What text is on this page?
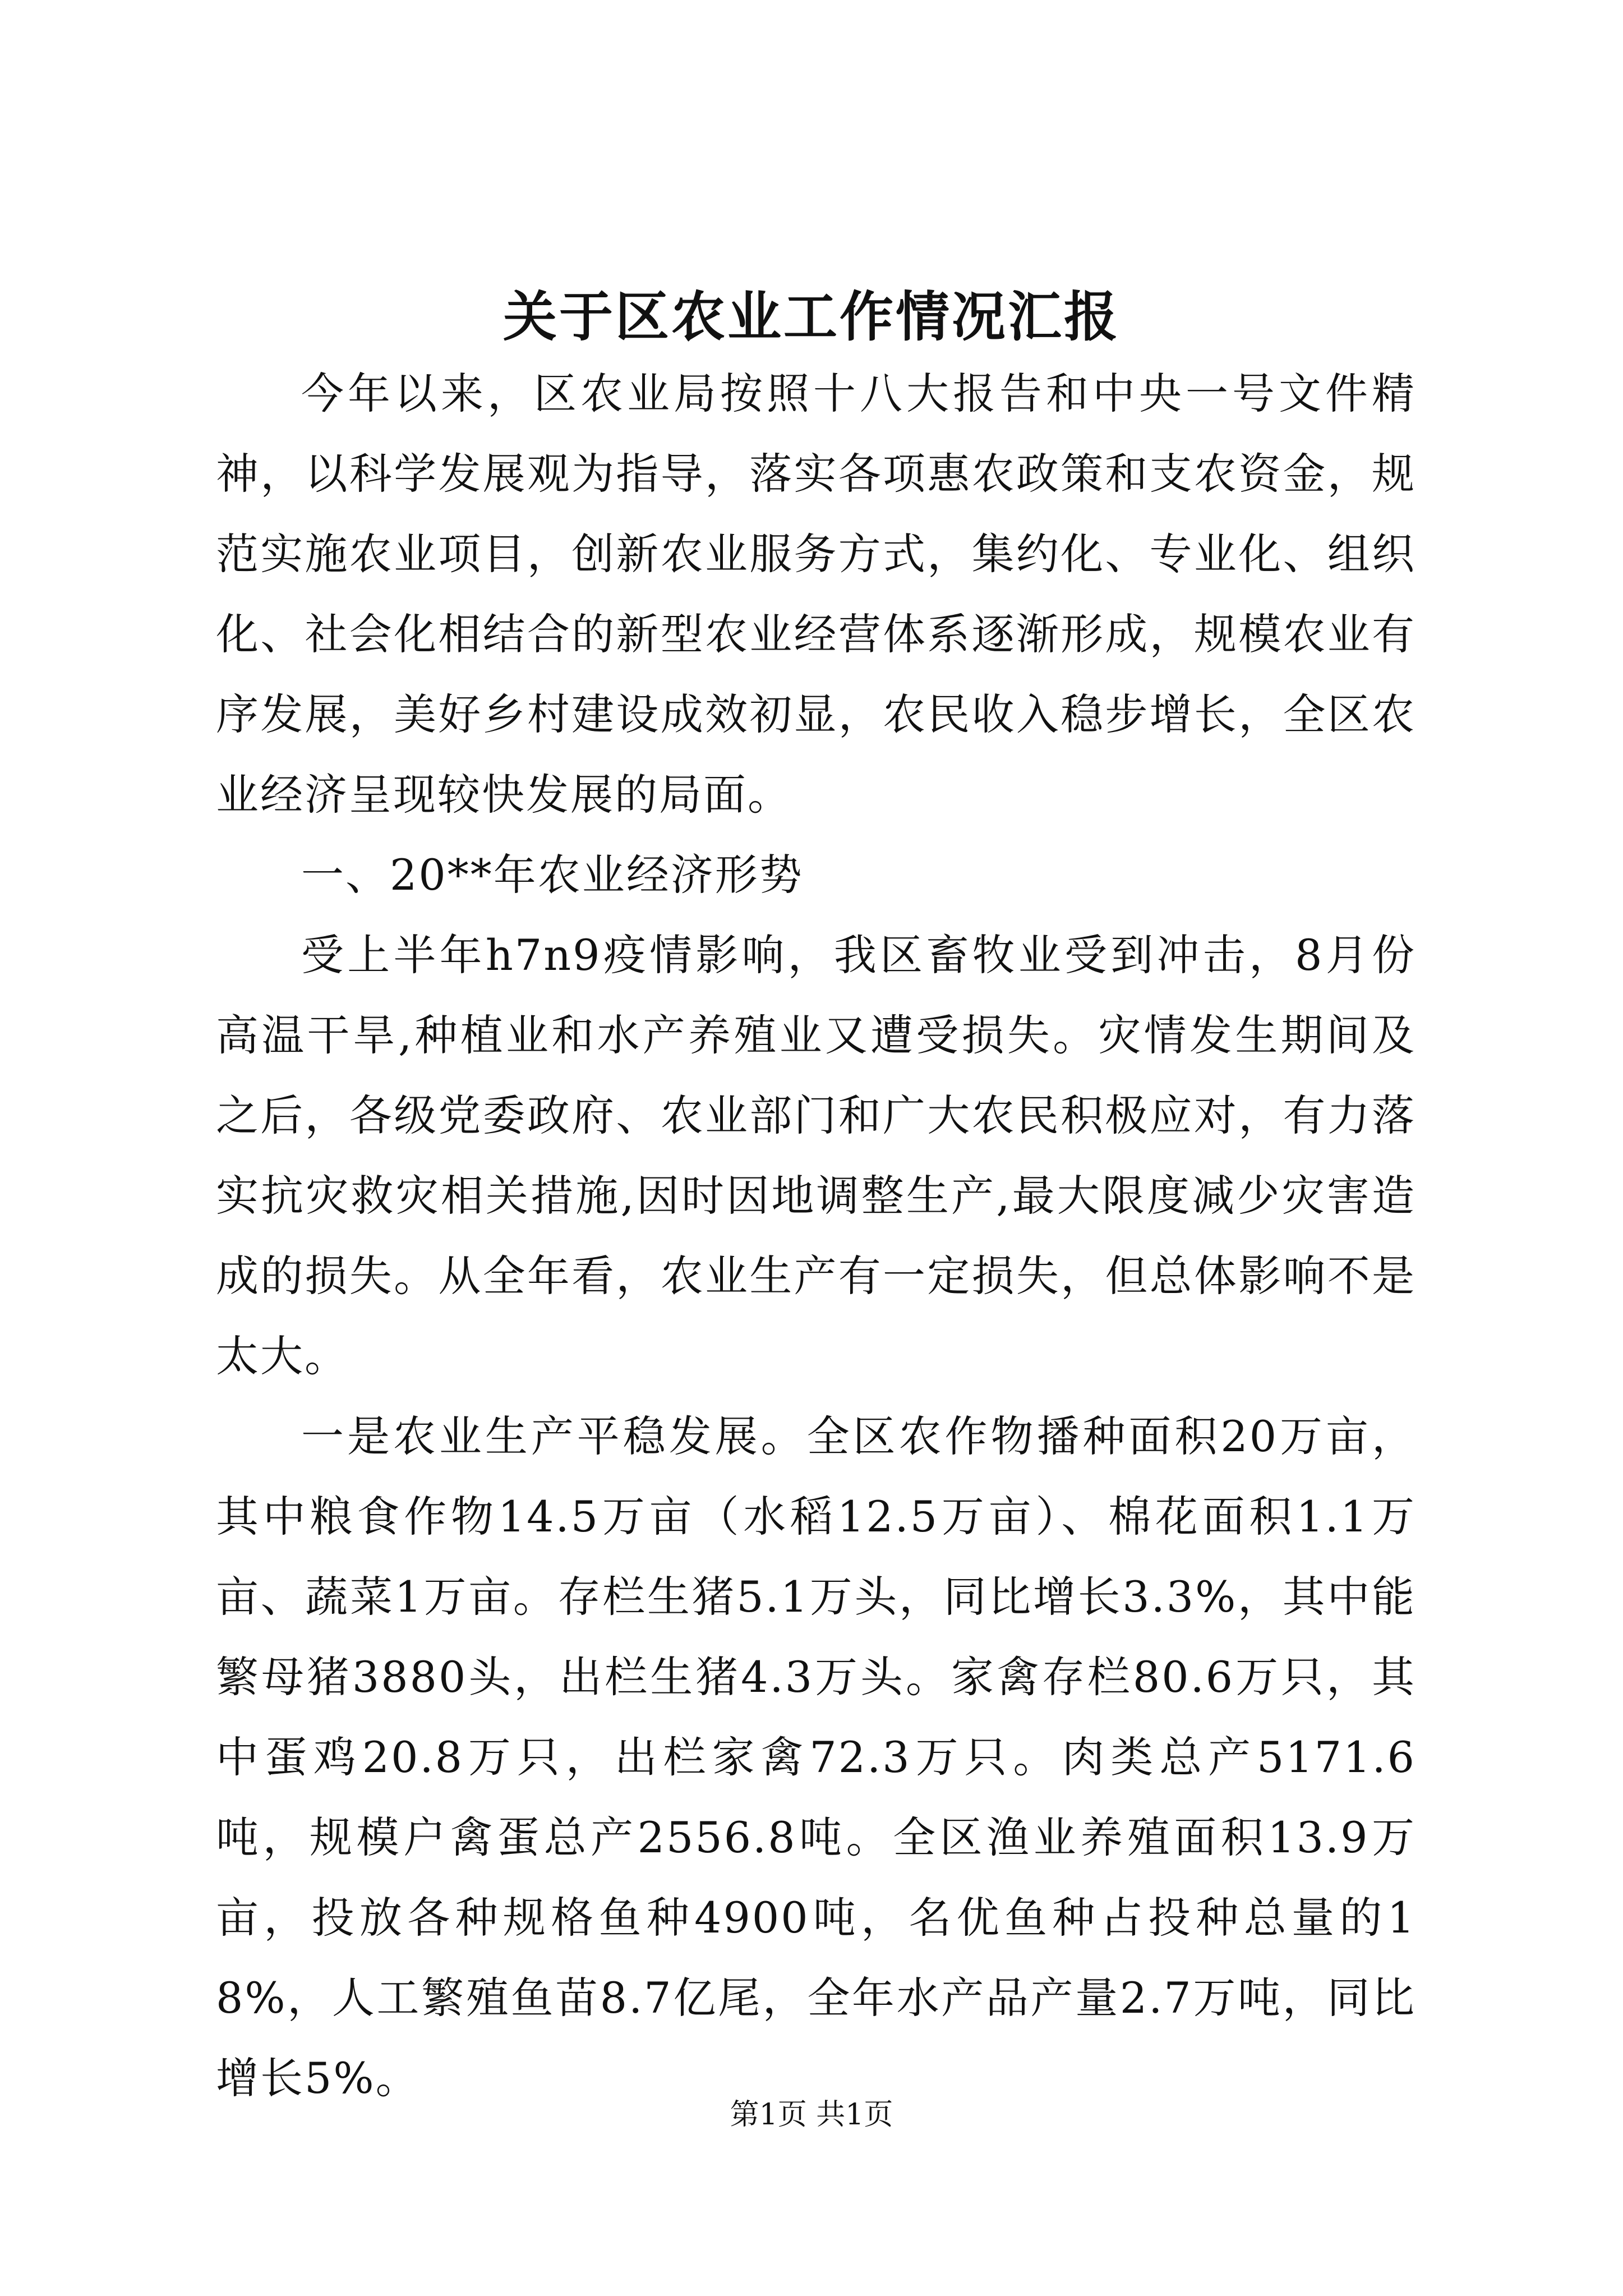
关于区农业工作情况汇报

今年以来，区农业局按照十八大报告和中央一号文件精神，以科学发展观为指导，落实各项惠农政策和支农资金，规范实施农业项目，创新农业服务方式，集约化、专业化、组织化、社会化相结合的新型农业经营体系逐渐形成，规模农业有序发展，美好乡村建设成效初显，农民收入稳步增长，全区农业经济呈现较快发展的局面。

一、20**年农业经济形势

受上半年h7n9疫情影响，我区畜牧业受到冲击，8月份高温干旱,种植业和水产养殖业又遭受损失。灾情发生期间及之后，各级党委政府、农业部门和广大农民积极应对，有力落实抗灾救灾相关措施,因时因地调整生产,最大限度减少灾害造成的损失。从全年看，农业生产有一定损失，但总体影响不是太大。

一是农业生产平稳发展。全区农作物播种面积20万亩，其中粮食作物14.5万亩（水稻12.5万亩）、棉花面积1.1万亩、蔬菜1万亩。存栏生猪5.1万头，同比增长3.3%，其中能繁母猪3880头，出栏生猪4.3万头。家禽存栏80.6万只，其中蛋鸡20.8万只，出栏家禽72.3万只。肉类总产5171.6吨，规模户禽蛋总产2556.8吨。全区渔业养殖面积13.9万亩，投放各种规格鱼种4900吨，名优鱼种占投种总量的18%，人工繁殖鱼苗8.7亿尾，全年水产品产量2.7万吨，同比增长5%。

第1页 共1页
